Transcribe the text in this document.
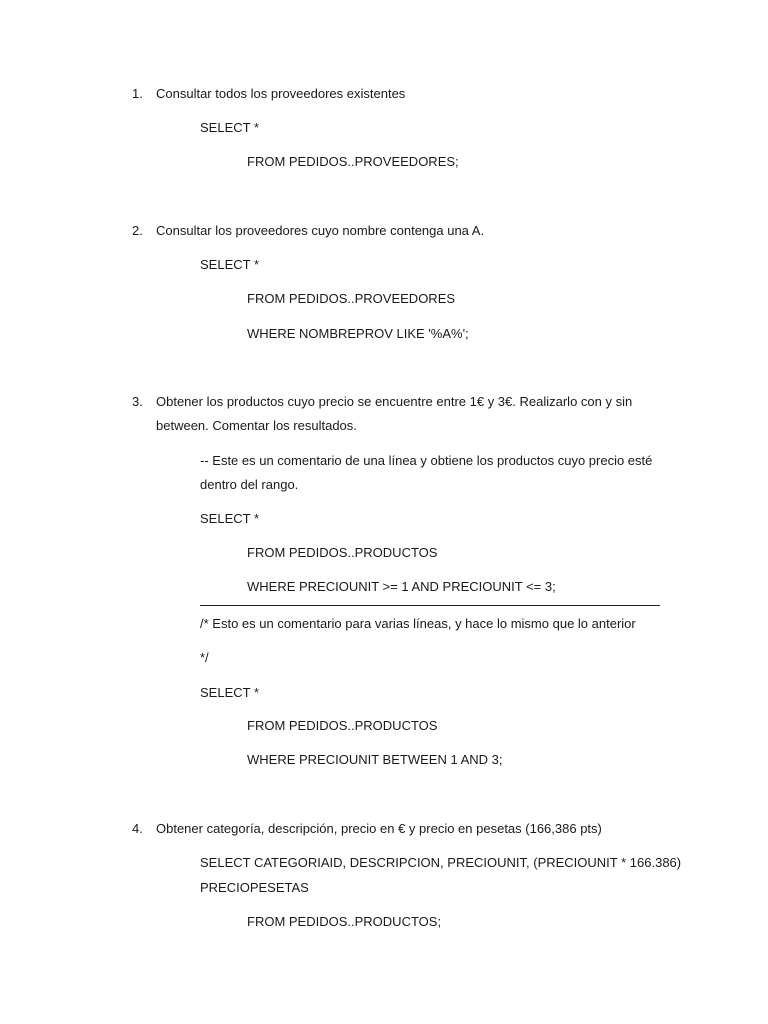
1. Consultar todos los proveedores existentes
SELECT *
FROM PEDIDOS..PROVEEDORES;
2. Consultar los proveedores cuyo nombre contenga una A.
SELECT *
FROM PEDIDOS..PROVEEDORES
WHERE NOMBREPROV LIKE '%A%';
3. Obtener los productos cuyo precio se encuentre entre 1€ y 3€. Realizarlo con y sin
between. Comentar los resultados.
-- Este es un comentario de una línea y obtiene los productos cuyo precio esté
dentro del rango.
SELECT *
FROM PEDIDOS..PRODUCTOS
WHERE PRECIOUNIT >= 1 AND PRECIOUNIT <= 3;
/* Esto es un comentario para varias líneas, y hace lo mismo que lo anterior
*/
SELECT *
FROM PEDIDOS..PRODUCTOS
WHERE PRECIOUNIT BETWEEN 1 AND 3;
4. Obtener categoría, descripción, precio en € y precio en pesetas (166,386 pts)
SELECT CATEGORIAID, DESCRIPCION, PRECIOUNIT, (PRECIOUNIT * 166.386)
PRECIOPESETAS
FROM PEDIDOS..PRODUCTOS;
